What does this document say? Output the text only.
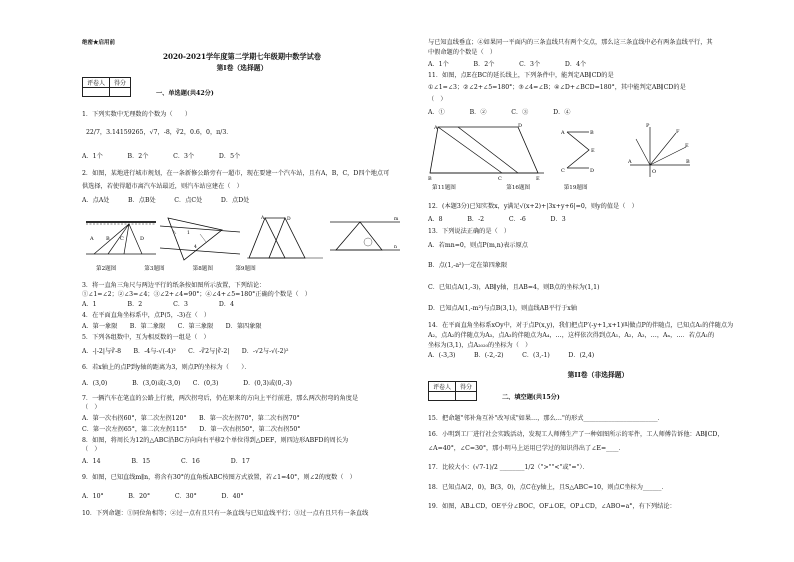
绝密★启用前
2020-2021学年度第二学期七年级期中数学试卷
第I卷（选择题）
评卷人	得分

一、单选题(共42分)
1．下列实数中无理数的个数为（　　）
22/7，3.14159265，√7，-8，∛2，0.6，0，π/3．
A．1个　　　　B．2个　　　　C．3个　　　　D．5个
2．如图，某地进行城市规划，在一条新修公路旁有一超市，现在要建一个汽车站，且有A，B，C，D四个地点可
供选择，若使得超市离汽车站最近，则汽车站应建在（　）
A．点A处　　　B．点B处　　　C．点C处　　　D．点D处
A B C	D
1
4
A	D	m
n
第2题图　　　　　第3题图　　　　　第8题图　　　　第9题图
3．将一直角三角尺与两边平行的纸条按如图所示放置，下列结论：
①∠1=∠2；②∠3=∠4；③∠2+∠4=90°；④∠4+∠5=180°正确的个数是（　）
A．1　　　　　B．2　　　　　C．3　　　　　D．4
4．在平面直角坐标系中，点P(5，-3)在（　）
A．第一象限　　B．第二象限　　C．第三象限　　D．第四象限
5．下列各组数中，互为相反数的一组是（　）
A．-|-2|与∛-8　　B．-4与-√(-4)²　　C．-∛2与|∛-2|　　D．-√2与-√(-2)²
6．若x轴上的点P到y轴的距离为3，则点P的坐标为（　　）．
A．(3,0)　　　　B．(3,0)或(-3,0)　　C．(0,3)　　　　D．(0,3)或(0,-3)
7．一辆汽车在笔直的公路上行驶，两次拐弯后，仍在原来的方向上平行前进，那么两次拐弯的角度是
（　）
A．第一次右拐60°，第二次左拐120°　　B．第一次左拐70°，第二次右拐70°
C．第一次左拐65°，第二次左拐115°　　D．第一次右拐50°，第二次右拐50°
8．如图，将周长为12的△ABC沿BC方向向右平移2个单位得到△DEF，则四边形ABFD的周长为
（　）
A．14　　　　　B．15　　　　　C．16　　　　　D．17
9．如图，已知直线m∥n，将含有30°的直角板ABC按图方式放置，若∠1=40°，则∠2的度数（　）
A．10°　　　　B．20°　　　　C．30°　　　　D．40°
10．下列命题：①同位角相等；②过一点有且只有一条直线与已知直线平行；③过一点有且只有一条直线
与已知直线垂直；④如果同一平面内的三条直线只有两个交点，那么这三条直线中必有两条直线平行，其
中假命题的个数是（　）
A．1个　　　　B．2个　　　　C．3个　　　　D．4个
11．如图，点E在BC的延长线上，下列条件中，能判定AB∥CD的是
①∠1=∠3；②∠2+∠5=180°；③∠4=∠B；④∠D+∠BCD=180°，其中能判定AB∥CD的是
（　）
A．①　　　　B．②　　　　C．③　　　　D．④
A	D
B	C	E
A	B
C	D
E
P
F
E
A	B
O
第11题图　　　　　　　　　第16题图　　　　　　第19题图
12．(本题3分)已知实数x，y满足√(x+2)+|3x+y+6|=0，则y的值是（　）
A．8　　　　B．-2　　　　C．-6　　　　D．3
13．下列说法正确的是（　）
A．若mn=0，则点P(m,n)表示原点
B．点(1,-a²)一定在第四象限
C．已知点A(1,-3)，AB∥y轴，且AB=4，则B点的坐标为(1,1)
D．已知点A(1,-m²)与点B(3,1)，则直线AB平行于x轴
14．在平面直角坐标系xOy中，对于点P(x,y)，我们把点P′(-y+1,x+1)叫做点P的伴随点，已知点A₁的伴随点为
A₂，点A₂的伴随点为A₃，点A₃的伴随点为A₄，…，这样依次得到点A₁，A₂，A₃，…，Aₙ，…．若点A₁的
坐标为(3,1)，点A₂₀₂₀的坐标为（　）
A．(-3,3)　　　B．(-2,-2)　　　C．(3,-1)　　　D．(2,4)
第II卷（非选择题）
评卷人	得分

二、填空题(共15分)
15．把命题"邻补角互补"改写成"如果…，那么…"的形式________________________．
16．小明到工厂进行社会实践活动，发现工人师傅生产了一种如图所示的零件，工人师傅告诉他：AB∥CD，
∠A=40°，∠C=30°，那小明马上运用已学过的知识得出了∠E=____．
17．比较大小：(√7-1)/2 ________1/2（">""<"或"="）．
18．已知点A(2，0)，B(3，0)，点C在y轴上，且S△ABC=10，则点C坐标为______．
19．如图，AB⊥CD，OE平分∠BOC，OF⊥OE，OP⊥CD，∠ABO=a°，有下列结论：
